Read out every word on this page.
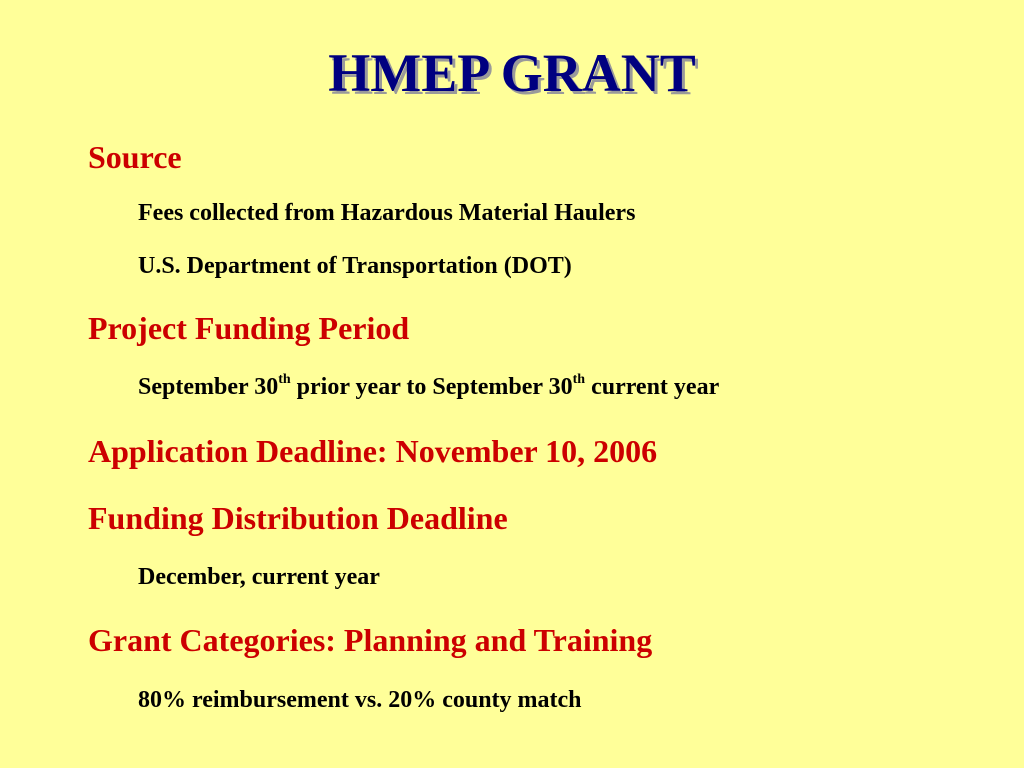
HMEP GRANT
Source
Fees collected from Hazardous Material Haulers
U.S. Department of Transportation (DOT)
Project Funding Period
September 30th prior year to September 30th current year
Application Deadline: November 10, 2006
Funding Distribution Deadline
December, current year
Grant Categories: Planning and Training
80% reimbursement vs. 20% county match
